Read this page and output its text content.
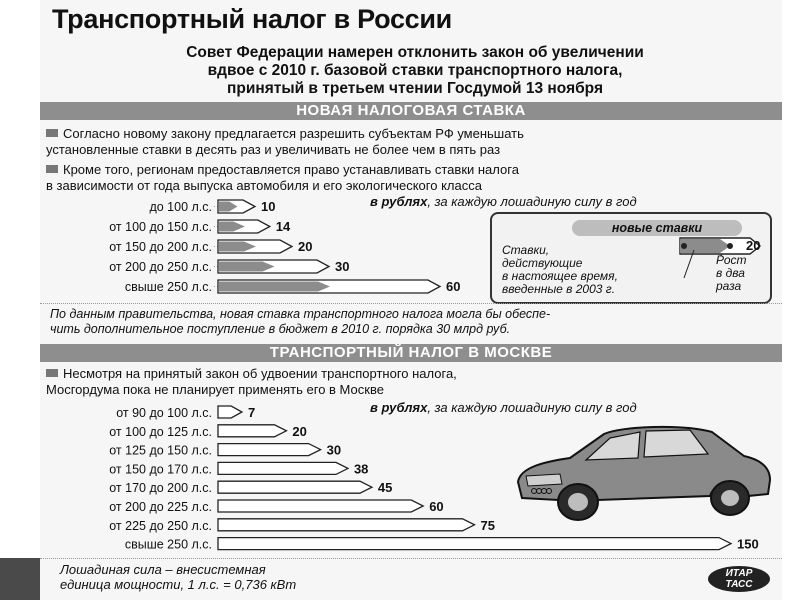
Транспортный налог в России
Совет Федерации намерен отклонить закон об увеличении
вдвое с 2010 г. базовой ставки транспортного налога,
принятый в третьем чтении Госдумой 13 ноября
НОВАЯ НАЛОГОВАЯ СТАВКА
Согласно новому закону предлагается разрешить субъектам РФ уменьшать
установленные ставки в десять раз и увеличивать не более чем в пять раз
Кроме того, регионам предоставляется право устанавливать ставки налога
в зависимости от года выпуска автомобиля и его экологического класса
в рублях, за каждую лошадиную силу в год
до 100 л.с.	10
от 100 до 150 л.с.	14
от 150 до 200 л.с.	20
от 200 до 250 л.с.	30
свыше 250 л.с.	60
новые ставки
20
Ставки,
действующие
в настоящее время,
введенные в 2003 г.
Рост
в два
раза
По данным правительства, новая ставка транспортного налога могла бы обеспе-
чить дополнительное поступление в бюджет в 2010 г. порядка 30 млрд руб.
ТРАНСПОРТНЫЙ НАЛОГ В МОСКВЕ
Несмотря на принятый закон об удвоении транспортного налога,
Мосгордума пока не планирует применять его в Москве
в рублях, за каждую лошадиную силу в год
от 90 до 100 л.с.	7
от 100 до 125 л.с.	20
от 125 до 150 л.с.	30
от 150 до 170 л.с.	38
от 170 до 200 л.с.	45
от 200 до 225 л.с.	60
от 225 до 250 л.с.	75
свыше 250 л.с.	150
Лошадиная сила – внесистемная
единица мощности, 1 л.с. = 0,736 кВт
ИТАР
ТАСС
